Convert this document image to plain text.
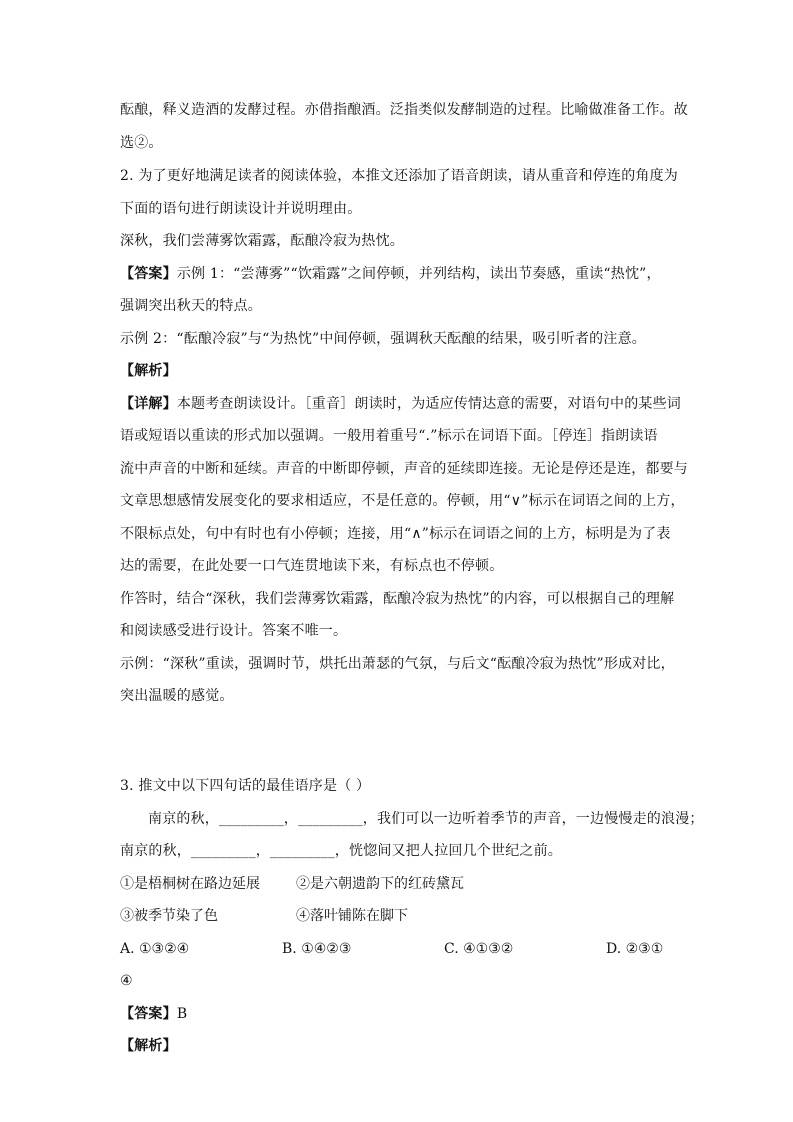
酝酿，释义造酒的发酵过程。亦借指酿酒。泛指类似发酵制造的过程。比喻做准备工作。故
选②。
2. 为了更好地满足读者的阅读体验，本推文还添加了语音朗读，请从重音和停连的角度为
下面的语句进行朗读设计并说明理由。
深秋，我们尝薄雾饮霜露，酝酿冷寂为热忱。
【答案】示例 1：“尝薄雾”“饮霜露”之间停顿，并列结构，读出节奏感，重读“热忱”，
强调突出秋天的特点。
示例 2：“酝酿冷寂”与“为热忱”中间停顿，强调秋天酝酿的结果，吸引听者的注意。
【解析】
【详解】本题考查朗读设计。［重音］朗读时，为适应传情达意的需要，对语句中的某些词
语或短语以重读的形式加以强调。一般用着重号“.”标示在词语下面。［停连］指朗读语
流中声音的中断和延续。声音的中断即停顿，声音的延续即连接。无论是停还是连，都要与
文章思想感情发展变化的要求相适应，不是任意的。停顿，用“∨”标示在词语之间的上方，
不限标点处，句中有时也有小停顿；连接，用“∧”标示在词语之间的上方，标明是为了表
达的需要，在此处要一口气连贯地读下来，有标点也不停顿。
作答时，结合“深秋，我们尝薄雾饮霜露，酝酿冷寂为热忱”的内容，可以根据自己的理解
和阅读感受进行设计。答案不唯一。
示例：“深秋”重读，强调时节，烘托出萧瑟的气氛，与后文“酝酿冷寂为热忱”形成对比，
突出温暖的感觉。
3. 推文中以下四句话的最佳语序是（ ）
南京的秋，_________，_________，我们可以一边听着季节的声音，一边慢慢走的浪漫；
南京的秋，_________，_________，恍惚间又把人拉回几个世纪之前。
①是梧桐树在路边延展	②是六朝遗韵下的红砖黛瓦
③被季节染了色	④落叶铺陈在脚下
A. ①③②④	B. ①④②③	C. ④①③②	D. ②③①
④
【答案】B
【解析】
